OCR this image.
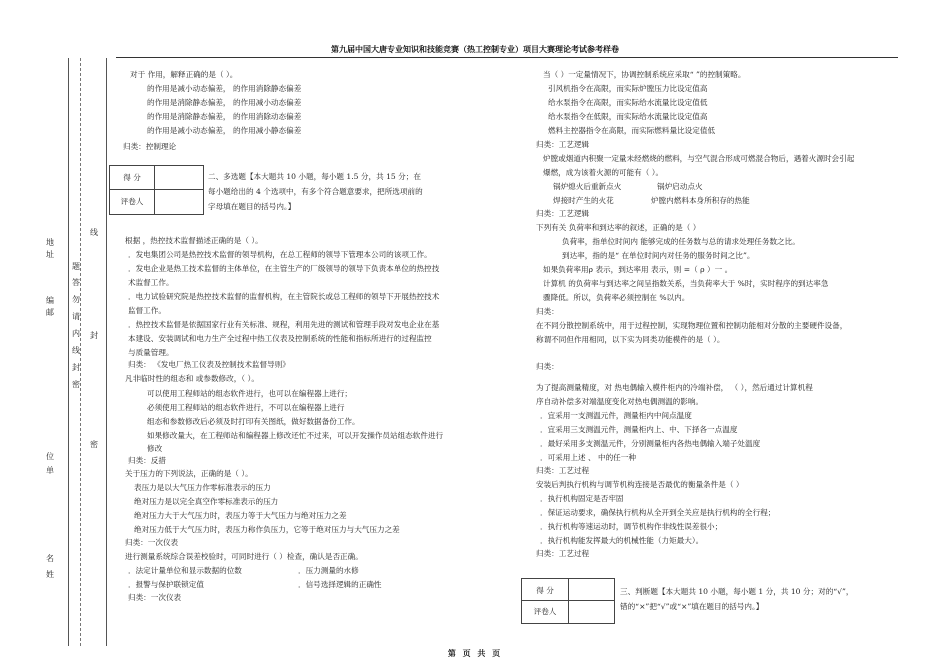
第九届中国大唐专业知识和技能竞赛（热工控制专业）项目大赛理论考试参考样卷
地
址
编
邮
位
单
名
姓
线
题
答
勿
请
内
线
封
密
封
密
对于 作用，解释正确的是（ ）。
的作用是减小动态偏差， 的作用消除静态偏差
的作用是消除静态偏差， 的作用减小动态偏差
的作用是消除静态偏差， 的作用消除动态偏差
的作用是减小动态偏差， 的作用减小静态偏差
归类：控制理论
得 分
评卷人
二、多选题【本大题共 10 小题，每小题 1.5 分，共 15 分；在每小题给出的 4 个选项中，有多个符合题意要求，把所选项前的字母填在题目的括号内。】
根据 ，热控技术监督描述正确的是（ ）。
．发电集团公司是热控技术监督的领导机构，在总工程师的领导下管理本公司的该项工作。
．发电企业是热工技术监督的主体单位，在主管生产的厂级领导的领导下负责本单位的热控技
术监督工作。
．电力试验研究院是热控技术监督的监督机构，在主管院长或总工程师的领导下开展热控技术
监督工作。
．热控技术监督是依据国家行业有关标准、规程，利用先进的测试和管理手段对发电企业在基
本建设、安装调试和电力生产全过程中热工仪表及控制系统的性能和指标所进行的过程监控
与质量管理。
归类： 《发电厂热工仪表及控制技术监督导则》
凡非临时性的组态和 或参数修改，（ ）。
可以使用工程师站的组态软件进行，也可以在编程器上进行；
必须使用工程师站的组态软件进行，不可以在编程器上进行
组态和参数修改后必须及时打印有关图纸，做好数据备份工作。
如果修改量大，在工程师站和编程器上修改还忙不过来，可以开发操作员站组态软件进行
修改
归类：反措
关于压力的下列说法，正确的是（ ）。
表压力是以大气压力作零标准表示的压力
绝对压力是以完全真空作零标准表示的压力
绝对压力大于大气压力时，表压力等于大气压力与绝对压力之差
绝对压力低于大气压力时，表压力称作负压力，它等于绝对压力与大气压力之差
归类：一次仪表
进行测量系统综合误差校验时，可同时进行（ ）检查，确认是否正确。
．法定计量单位和显示数据的位数	．压力测量的水修
．报警与保护联锁定值	．信号选择逻辑的正确性
归类：一次仪表
当（ ）一定量情况下，协调控制系统应采取“ ”的控制策略。
引风机指令在高限，而实际炉膛压力比设定值高
给水泵指令在高限，而实际给水流量比设定值低
给水泵指令在低限，而实际给水流量比设定值高
燃料主控器指令在高限，而实际燃料量比设定值低
归类：工艺逻辑
炉膛或烟道内积聚一定量未经燃烧的燃料，与空气混合形成可燃混合物后，遇着火源时会引起
爆燃，成为该着火源的可能有（ ）。
锅炉熄火后重新点火	锅炉启动点火
焊接时产生的火花	炉膛内燃料本身所积存的热能
归类：工艺逻辑
下列有关 负荷率和到达率的叙述，正确的是（ ）
负荷率，指单位时间内 能够完成的任务数与总的请求处理任务数之比。
到达率，指的是“ 在单位时间内对任务的服务时间之比”。
如果负荷率用ρ 表示，到达率用 表示，则 =（ ρ ）一 。
计算机 的负荷率与到达率之间呈指数关系，当负荷率大于 %时，实时程序的到达率急
骤降低。所以，负荷率必须控制在 %以内。
归类：
在不同分散控制系统中，用于过程控制，实现物理位置和控制功能相对分散的主要硬件设备，
称谓不同但作用相同，以下实为同类功能模件的是（ ）。
归类：
为了提高测量精度，对 热电偶输入模件柜内的冷端补偿， （ ），然后通过计算机程
序自动补偿多对端温度变化对热电偶测温的影响。
．宜采用一支测温元件，测量柜内中间点温度
．宜采用三支测温元件，测量柜内上、中、下择各一点温度
．最好采用多支测温元件，分别测量柜内各热电偶输入端子处温度
．可采用上述 、 中的任一种
归类：工艺过程
安装后判执行机构与调节机构连接是否最优的衡量条件是（ ）
．执行机构固定是否牢固
．保证运动要求，确保执行机构从全开到全关应是执行机构的全行程；
．执行机构等速运动时，调节机构作非线性误差很小；
．执行机构能发挥最大的机械性能（力矩最大）。
归类：工艺过程
得 分
评卷人
三、判断题【本大题共 10 小题，每小题 1 分，共 10 分；对的“√”，错的“×”把“√”或“×”填在题目的括号内。】
第 页 共 页
